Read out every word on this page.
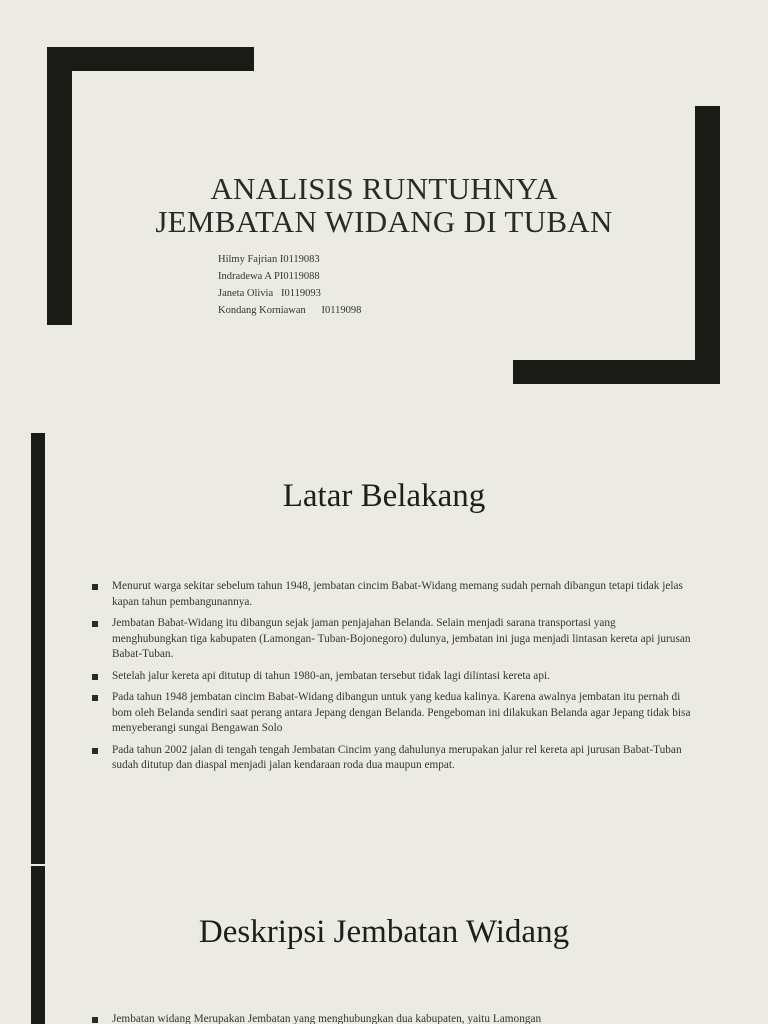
ANALISIS RUNTUHNYA
JEMBATAN WIDANG DI TUBAN
Hilmy Fajrian I0119083
Indradewa A PI0119088
Janeta Olivia   I0119093
Kondang Korniawan      I0119098
Latar Belakang
Menurut warga sekitar sebelum tahun 1948, jembatan cincim Babat-Widang memang sudah pernah dibangun tetapi tidak jelas kapan tahun pembangunannya.
Jembatan Babat-Widang itu dibangun sejak jaman penjajahan Belanda. Selain menjadi sarana transportasi yang menghubungkan tiga kabupaten (Lamongan- Tuban-Bojonegoro) dulunya, jembatan ini juga menjadi lintasan kereta api jurusan Babat-Tuban.
Setelah jalur kereta api ditutup di tahun 1980-an, jembatan tersebut tidak lagi dilintasi kereta api.
Pada tahun 1948 jembatan cincim Babat-Widang dibangun untuk yang kedua kalinya. Karena awalnya jembatan itu pernah di bom oleh Belanda sendiri saat perang antara Jepang dengan Belanda. Pengeboman ini dilakukan Belanda agar Jepang tidak bisa menyeberangi sungai Bengawan Solo
Pada tahun 2002 jalan di tengah tengah Jembatan Cincim yang dahulunya merupakan jalur rel kereta api jurusan Babat-Tuban sudah ditutup dan diaspal menjadi jalan kendaraan roda dua maupun empat.
Deskripsi Jembatan Widang
Jembatan widang Merupakan Jembatan yang menghubungkan dua kabupaten, yaitu Lamongan
